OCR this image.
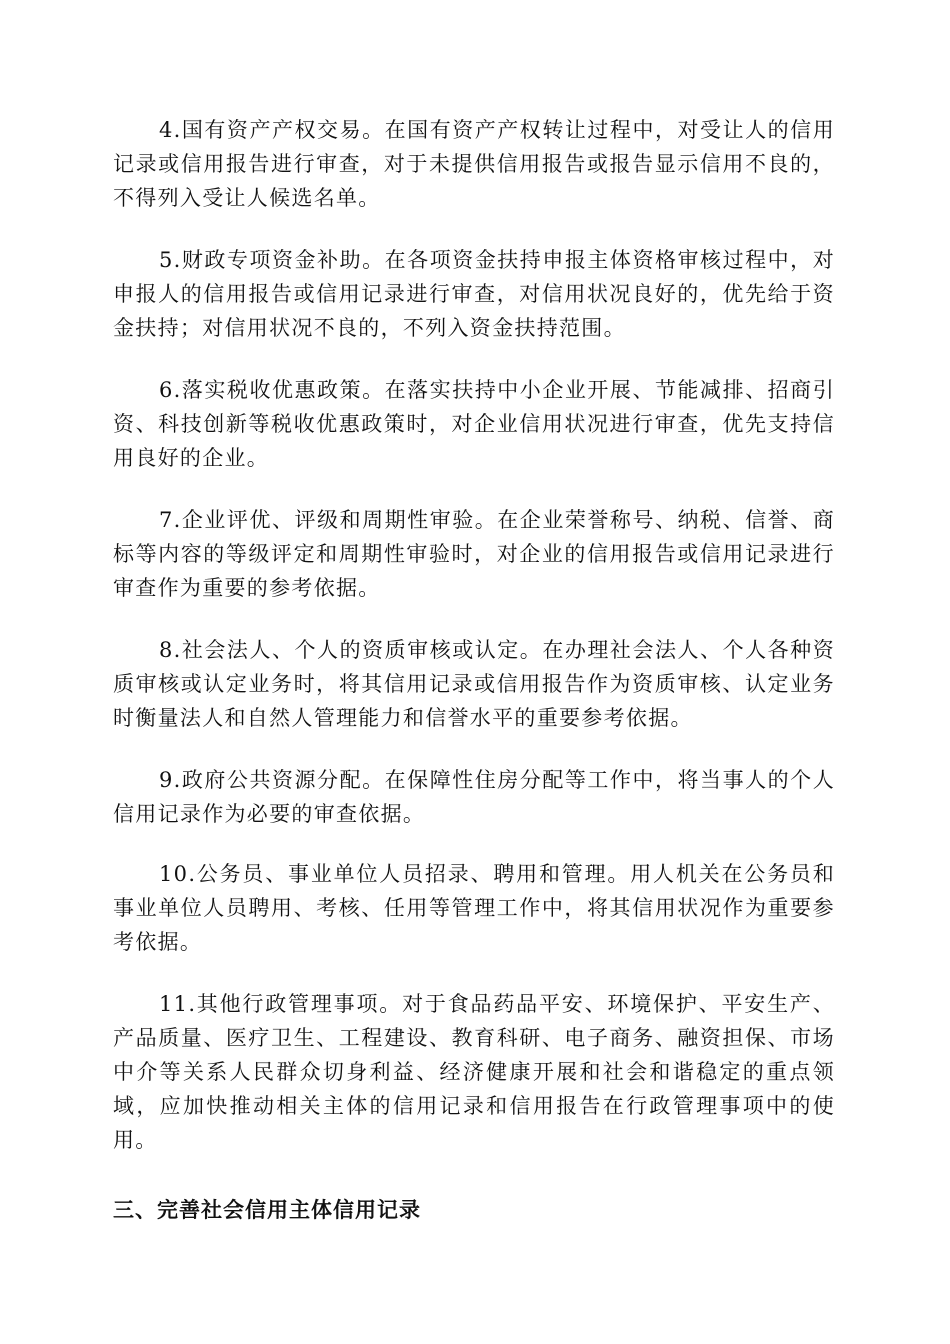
4.国有资产产权交易。在国有资产产权转让过程中，对受让人的信用记录或信用报告进行审查，对于未提供信用报告或报告显示信用不良的，不得列入受让人候选名单。

5.财政专项资金补助。在各项资金扶持申报主体资格审核过程中，对申报人的信用报告或信用记录进行审查，对信用状况良好的，优先给于资金扶持；对信用状况不良的，不列入资金扶持范围。

6.落实税收优惠政策。在落实扶持中小企业开展、节能减排、招商引资、科技创新等税收优惠政策时，对企业信用状况进行审查，优先支持信用良好的企业。

7.企业评优、评级和周期性审验。在企业荣誉称号、纳税、信誉、商标等内容的等级评定和周期性审验时，对企业的信用报告或信用记录进行审查作为重要的参考依据。

8.社会法人、个人的资质审核或认定。在办理社会法人、个人各种资质审核或认定业务时，将其信用记录或信用报告作为资质审核、认定业务时衡量法人和自然人管理能力和信誉水平的重要参考依据。

9.政府公共资源分配。在保障性住房分配等工作中，将当事人的个人信用记录作为必要的审查依据。

10.公务员、事业单位人员招录、聘用和管理。用人机关在公务员和事业单位人员聘用、考核、任用等管理工作中，将其信用状况作为重要参考依据。

11.其他行政管理事项。对于食品药品平安、环境保护、平安生产、产品质量、医疗卫生、工程建设、教育科研、电子商务、融资担保、市场中介等关系人民群众切身利益、经济健康开展和社会和谐稳定的重点领域，应加快推动相关主体的信用记录和信用报告在行政管理事项中的使用。

三、完善社会信用主体信用记录
